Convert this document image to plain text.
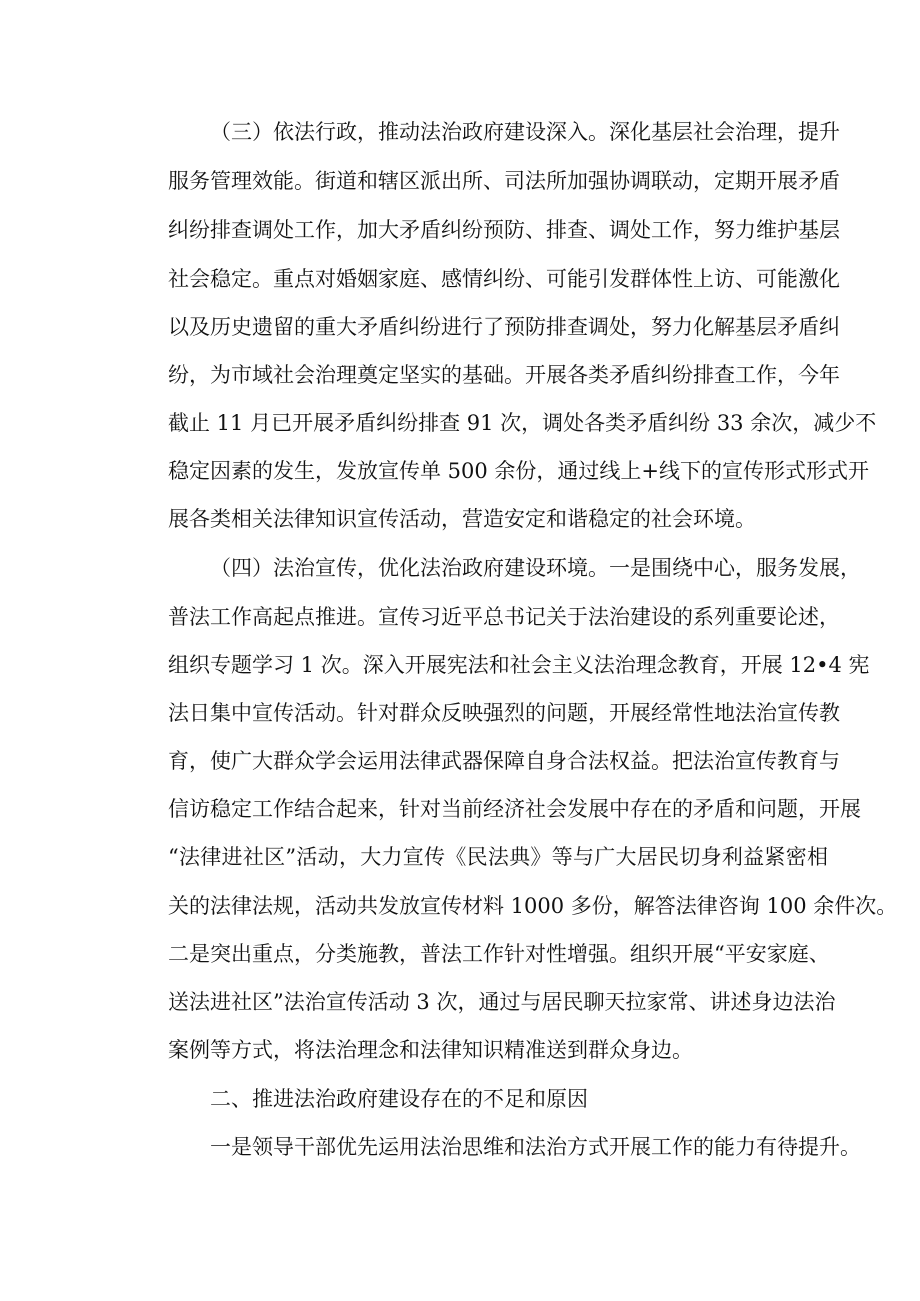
（三）依法行政，推动法治政府建设深入。深化基层社会治理，提升
服务管理效能。街道和辖区派出所、司法所加强协调联动，定期开展矛盾
纠纷排查调处工作，加大矛盾纠纷预防、排查、调处工作，努力维护基层
社会稳定。重点对婚姻家庭、感情纠纷、可能引发群体性上访、可能激化
以及历史遗留的重大矛盾纠纷进行了预防排查调处，努力化解基层矛盾纠
纷，为市域社会治理奠定坚实的基础。开展各类矛盾纠纷排查工作，今年
截止 11 月已开展矛盾纠纷排查 91 次，调处各类矛盾纠纷 33 余次，减少不
稳定因素的发生，发放宣传单 500 余份，通过线上+线下的宣传形式形式开
展各类相关法律知识宣传活动，营造安定和谐稳定的社会环境。
（四）法治宣传，优化法治政府建设环境。一是围绕中心，服务发展，
普法工作高起点推进。宣传习近平总书记关于法治建设的系列重要论述，
组织专题学习 1 次。深入开展宪法和社会主义法治理念教育，开展 12•4 宪
法日集中宣传活动。针对群众反映强烈的问题，开展经常性地法治宣传教
育，使广大群众学会运用法律武器保障自身合法权益。把法治宣传教育与
信访稳定工作结合起来，针对当前经济社会发展中存在的矛盾和问题，开展
“法律进社区”活动，大力宣传《民法典》等与广大居民切身利益紧密相
关的法律法规，活动共发放宣传材料 1000 多份，解答法律咨询 100 余件次。
二是突出重点，分类施教，普法工作针对性增强。组织开展“平安家庭、
送法进社区”法治宣传活动 3 次，通过与居民聊天拉家常、讲述身边法治
案例等方式，将法治理念和法律知识精准送到群众身边。
二、推进法治政府建设存在的不足和原因
一是领导干部优先运用法治思维和法治方式开展工作的能力有待提升。
